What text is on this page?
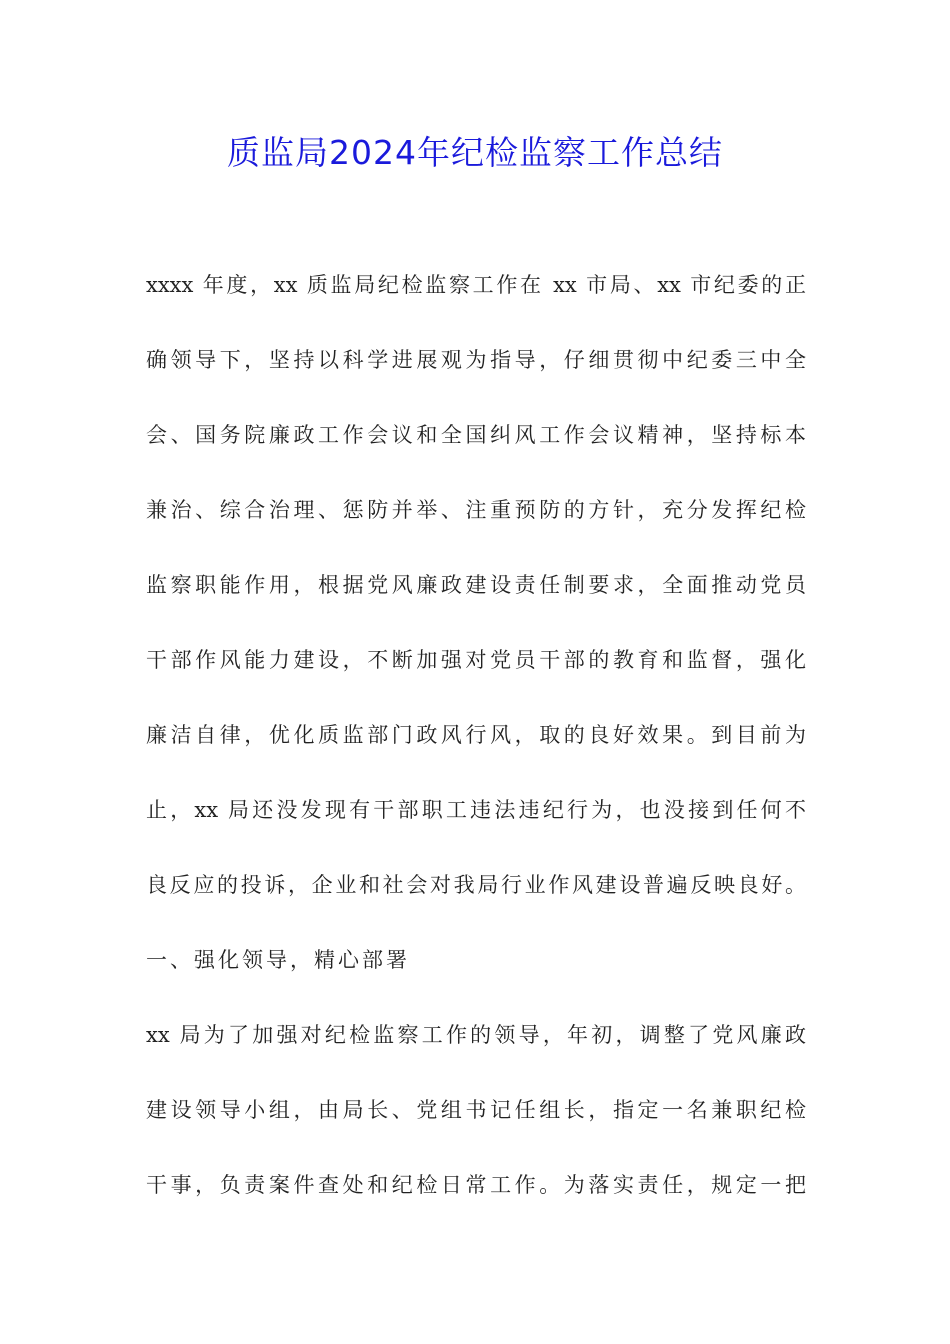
质监局2024年纪检监察工作总结
xxxx 年度，xx 质监局纪检监察工作在 xx 市局、xx 市纪委的正
确领导下，坚持以科学进展观为指导，仔细贯彻中纪委三中全
会、国务院廉政工作会议和全国纠风工作会议精神，坚持标本
兼治、综合治理、惩防并举、注重预防的方针，充分发挥纪检
监察职能作用，根据党风廉政建设责任制要求，全面推动党员
干部作风能力建设，不断加强对党员干部的教育和监督，强化
廉洁自律，优化质监部门政风行风，取的良好效果。到目前为
止，xx 局还没发现有干部职工违法违纪行为，也没接到任何不
良反应的投诉，企业和社会对我局行业作风建设普遍反映良好。
一、强化领导，精心部署
xx 局为了加强对纪检监察工作的领导，年初，调整了党风廉政
建设领导小组，由局长、党组书记任组长，指定一名兼职纪检
干事，负责案件查处和纪检日常工作。为落实责任，规定一把
